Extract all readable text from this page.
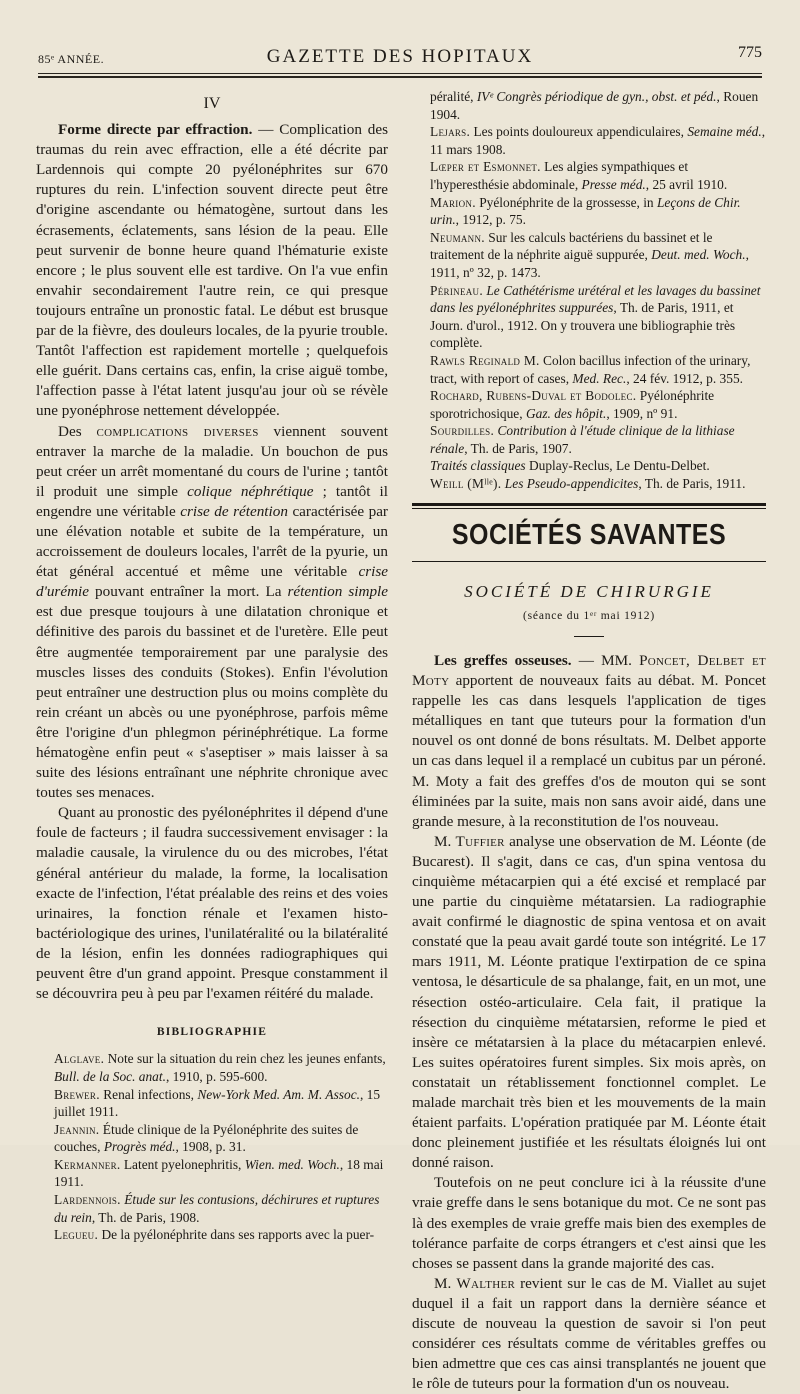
85ᵉ ANNÉE.	GAZETTE DES HOPITAUX	775
IV

Forme directe par effraction. — Complication des traumas du rein avec effraction, elle a été décrite par Lardennois qui compte 20 pyélonéphrites sur 670 ruptures du rein. L'infection souvent directe peut être d'origine ascendante ou hématogène, surtout dans les écrasements, éclatements, sans lésion de la peau. Elle peut survenir de bonne heure quand l'hématurie existe encore ; le plus souvent elle est tardive. On l'a vue enfin envahir secondairement l'autre rein, ce qui presque toujours entraîne un pronostic fatal. Le début est brusque par de la fièvre, des douleurs locales, de la pyurie trouble. Tantôt l'affection est rapidement mortelle ; quelquefois elle guérit. Dans certains cas, enfin, la crise aiguë tombe, l'affection passe à l'état latent jusqu'au jour où se révèle une pyonéphrose nettement développée.

Des complications diverses viennent souvent entraver la marche de la maladie. Un bouchon de pus peut créer un arrêt momentané du cours de l'urine ; tantôt il produit une simple colique néphrétique ; tantôt il engendre une véritable crise de rétention caractérisée par une élévation notable et subite de la température, un accroissement de douleurs locales, l'arrêt de la pyurie, un état général accentué et même une véritable crise d'urémie pouvant entraîner la mort. La rétention simple est due presque toujours à une dilatation chronique et définitive des parois du bassinet et de l'uretère. Elle peut être augmentée temporairement par une paralysie des muscles lisses des conduits (Stokes). Enfin l'évolution peut entraîner une destruction plus ou moins complète du rein créant un abcès ou une pyonéphrose, parfois même être l'origine d'un phlegmon périnéphrétique. La forme hématogène enfin peut « s'aseptiser » mais laisser à sa suite des lésions entraînant une néphrite chronique avec toutes ses menaces.

Quant au pronostic des pyélonéphrites il dépend d'une foule de facteurs ; il faudra successivement envisager : la maladie causale, la virulence du ou des microbes, l'état général antérieur du malade, la forme, la localisation exacte de l'infection, l'état préalable des reins et des voies urinaires, la fonction rénale et l'examen histo-bactériologique des urines, l'unilatéralité ou la bilatéralité de la lésion, enfin les données radiographiques qui peuvent être d'un grand appoint. Presque constamment il se découvrira peu à peu par l'examen réitéré du malade.

BIBLIOGRAPHIE

Alglave. Note sur la situation du rein chez les jeunes enfants, Bull. de la Soc. anat., 1910, p. 595-600.

Brewer. Renal infections, New-York Med. Am. M. Assoc., 15 juillet 1911.

Jeannin. Étude clinique de la Pyélonéphrite des suites de couches, Progrès méd., 1908, p. 31.

Kermanner. Latent pyelonephritis, Wien. med. Woch., 18 mai 1911.

Lardennois. Étude sur les contusions, déchirures et ruptures du rein, Th. de Paris, 1908.

Legueu. De la pyélonéphrite dans ses rapports avec la puer-

péralité, IVᵉ Congrès périodique de gyn., obst. et péd., Rouen 1904.

Lejars. Les points douloureux appendiculaires, Semaine méd., 11 mars 1908.

Lœper et Esmonnet. Les algies sympathiques et l'hyperesthésie abdominale, Presse méd., 25 avril 1910.

Marion. Pyélonéphrite de la grossesse, in Leçons de Chir. urin., 1912, p. 75.

Neumann. Sur les calculs bactériens du bassinet et le traitement de la néphrite aiguë suppurée, Deut. med. Woch., 1911, nº 32, p. 1473.

Périneau. Le Cathétérisme urétéral et les lavages du bassinet dans les pyélonéphrites suppurées, Th. de Paris, 1911, et Journ. d'urol., 1912. On y trouvera une bibliographie très complète.

Rawls Reginald M. Colon bacillus infection of the urinary, tract, with report of cases, Med. Rec., 24 fév. 1912, p. 355.

Rochard, Rubens-Duval et Bodolec. Pyélonéphrite sporotrichosique, Gaz. des hôpit., 1909, nº 91.

Sourdilles. Contribution à l'étude clinique de la lithiase rénale, Th. de Paris, 1907.

Traités classiques Duplay-Reclus, Le Dentu-Delbet.

Weill (Mˡˡᵉ). Les Pseudo-appendicites, Th. de Paris, 1911.

SOCIÉTÉS SAVANTES
SOCIÉTÉ DE CHIRURGIE
(séance du 1ᵉʳ mai 1912)

Les greffes osseuses. — MM. Poncet, Delbet et Moty apportent de nouveaux faits au débat. M. Poncet rappelle les cas dans lesquels l'application de tiges métalliques en tant que tuteurs pour la formation d'un nouvel os ont donné de bons résultats. M. Delbet apporte un cas dans lequel il a remplacé un cubitus par un péroné. M. Moty a fait des greffes d'os de mouton qui se sont éliminées par la suite, mais non sans avoir aidé, dans une grande mesure, à la reconstitution de l'os nouveau.

M. Tuffier analyse une observation de M. Léonte (de Bucarest). Il s'agit, dans ce cas, d'un spina ventosa du cinquième métacarpien qui a été excisé et remplacé par une partie du cinquième métatarsien. La radiographie avait confirmé le diagnostic de spina ventosa et on avait constaté que la peau avait gardé toute son intégrité. Le 17 mars 1911, M. Léonte pratique l'extirpation de ce spina ventosa, le désarticule de sa phalange, fait, en un mot, une résection ostéo-articulaire. Cela fait, il pratique la résection du cinquième métatarsien, reforme le pied et insère ce métatarsien à la place du métacarpien enlevé. Les suites opératoires furent simples. Six mois après, on constatait un rétablissement fonctionnel complet. Le malade marchait très bien et les mouvements de la main étaient parfaits. L'opération pratiquée par M. Léonte était donc pleinement justifiée et les résultats éloignés lui ont donné raison.

Toutefois on ne peut conclure ici à la réussite d'une vraie greffe dans le sens botanique du mot. Ce ne sont pas là des exemples de vraie greffe mais bien des exemples de tolérance parfaite de corps étrangers et c'est ainsi que les choses se passent dans la grande majorité des cas.

M. Walther revient sur le cas de M. Viallet au sujet duquel il a fait un rapport dans la dernière séance et discute de nouveau la question de savoir si l'on peut considérer ces résultats comme de véritables greffes ou bien admettre que ces cas ainsi transplantés ne jouent que le rôle de tuteurs pour la formation d'un os nouveau.
